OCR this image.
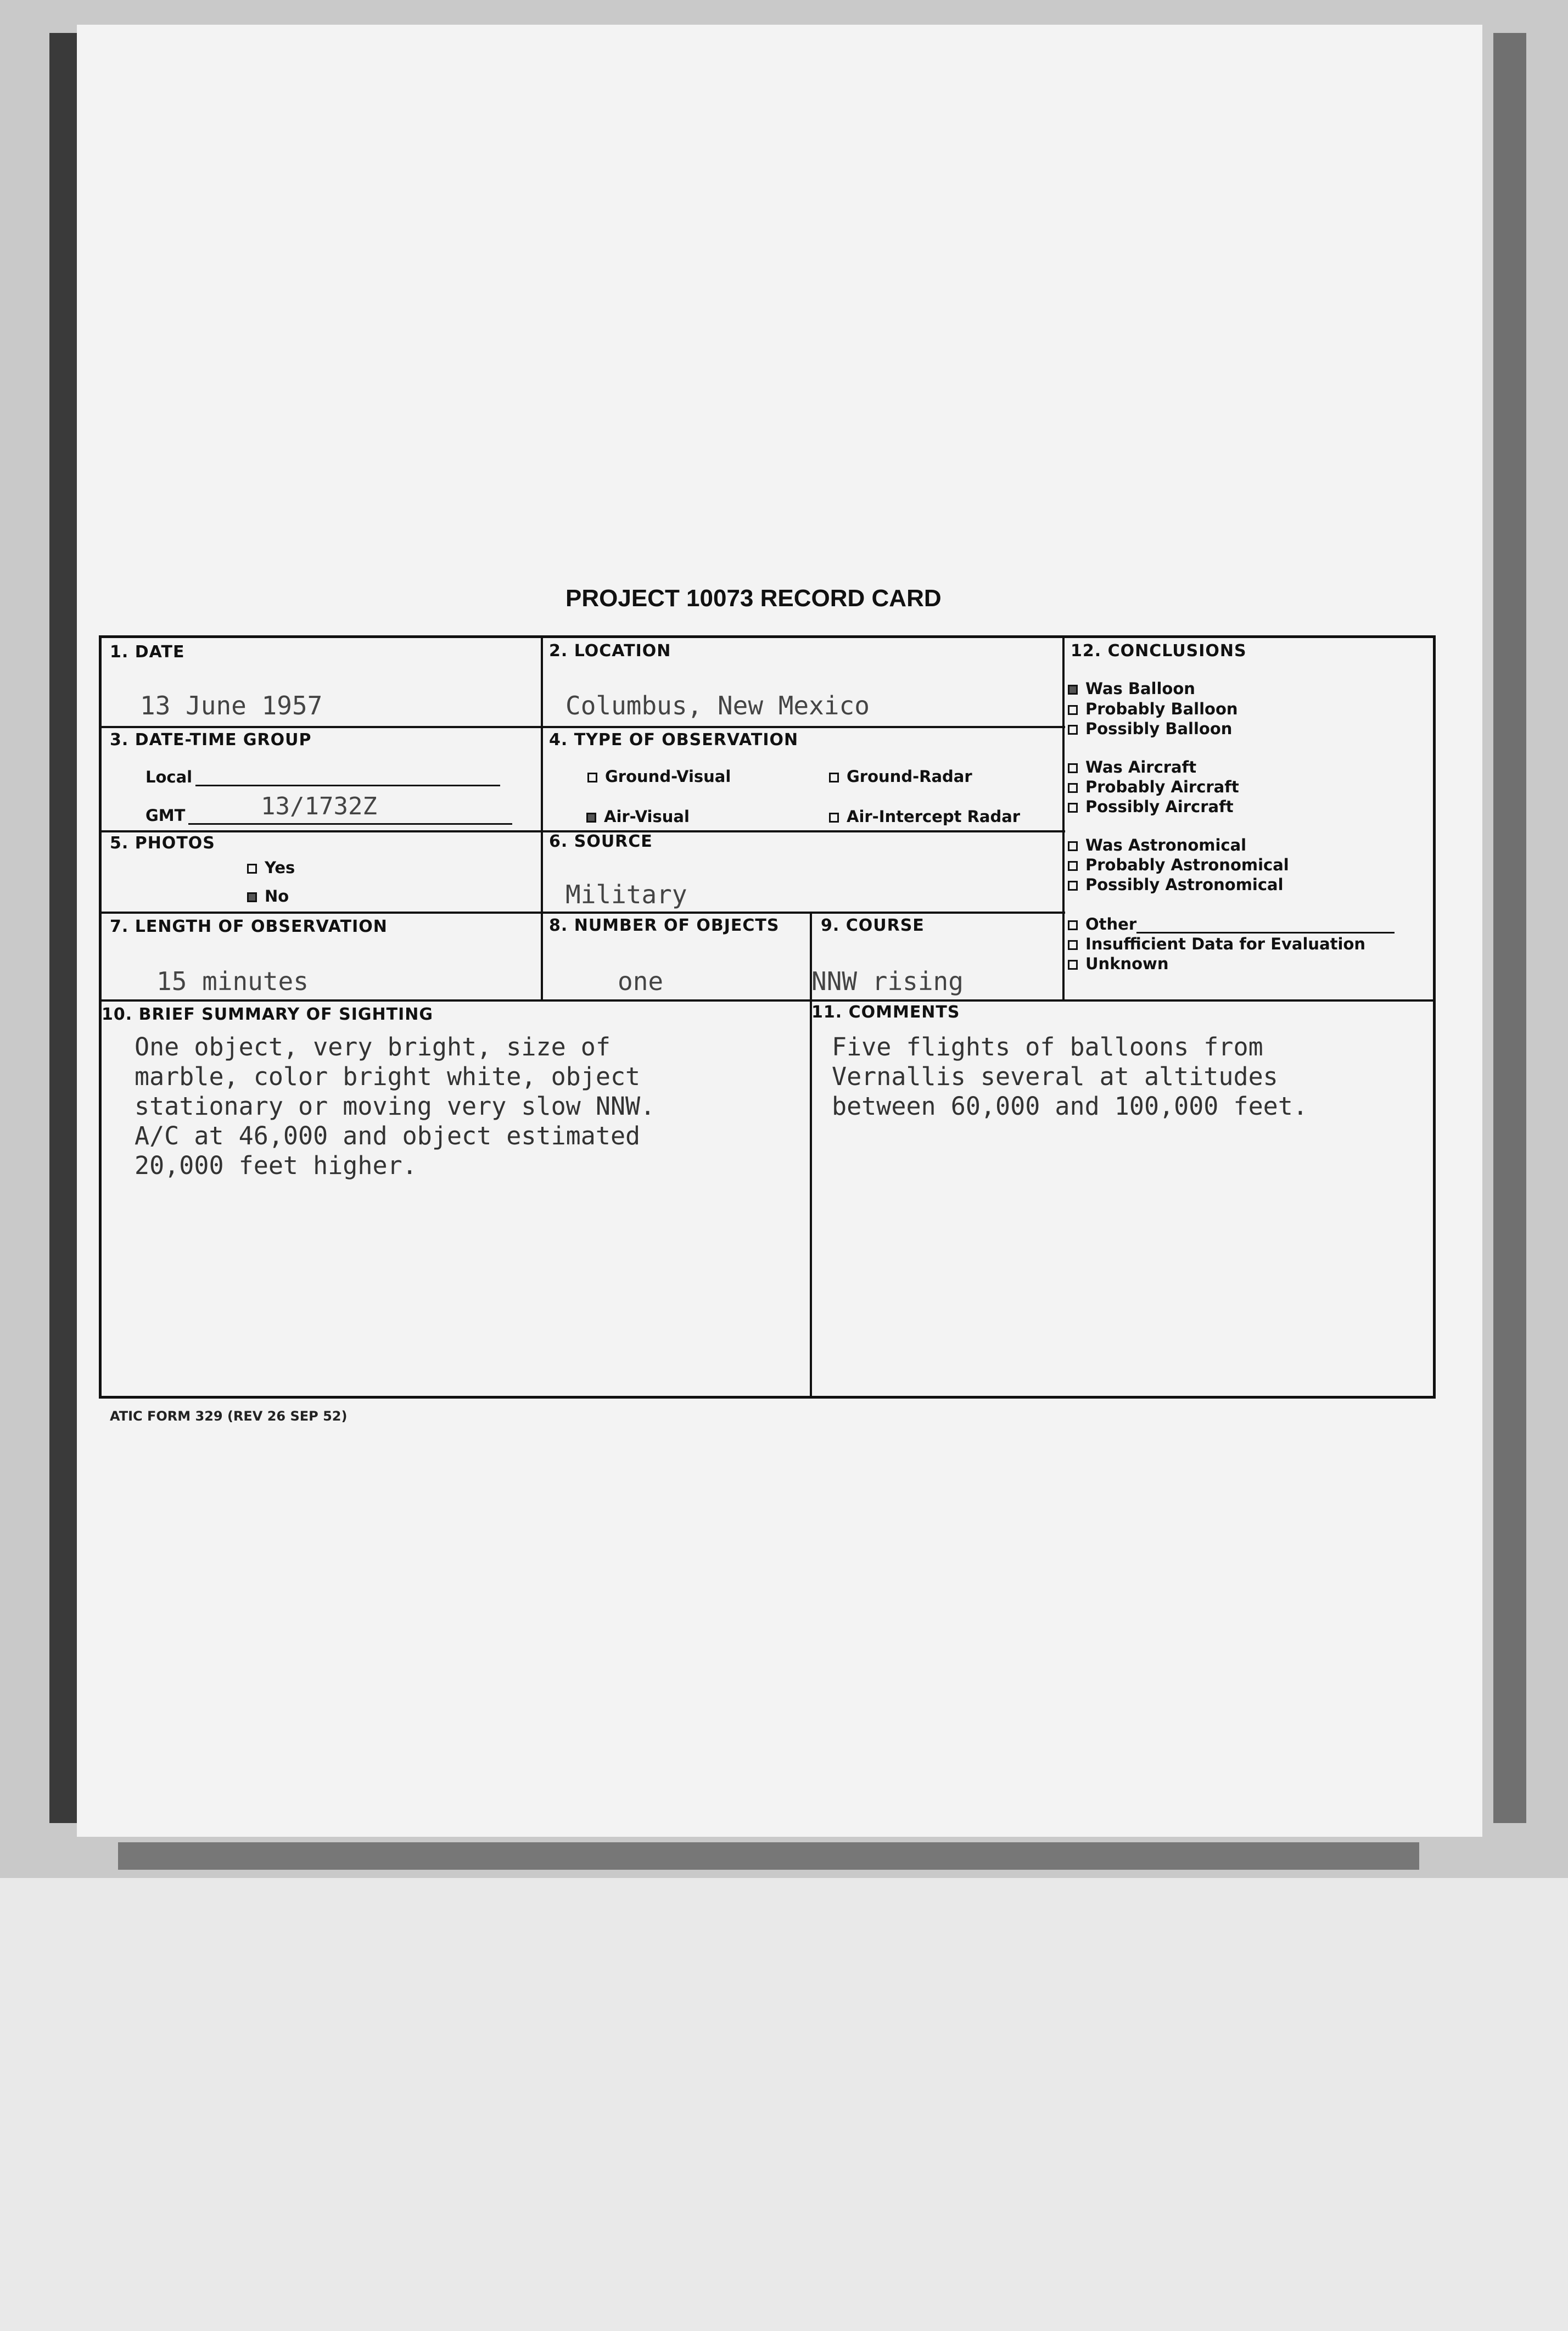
PROJECT 10073 RECORD CARD
1. DATE
13 June 1957
2. LOCATION
Columbus, New Mexico
3. DATE-TIME GROUP
Local
GMT	13/1732Z
4. TYPE OF OBSERVATION
Ground-Visual	Ground-Radar
Air-Visual	Air-Intercept Radar
5. PHOTOS
Yes
No
6. SOURCE
Military
7. LENGTH OF OBSERVATION
15 minutes
8. NUMBER OF OBJECTS
one
9. COURSE
NNW rising
10. BRIEF SUMMARY OF SIGHTING
One object, very bright, size of
marble, color bright white, object
stationary or moving very slow NNW.
A/C at 46,000 and object estimated
20,000 feet higher.
11. COMMENTS
Five flights of balloons from
Vernallis several at altitudes
between 60,000 and 100,000 feet.
12. CONCLUSIONS
Was Balloon
Probably Balloon
Possibly Balloon
Was Aircraft
Probably Aircraft
Possibly Aircraft
Was Astronomical
Probably Astronomical
Possibly Astronomical
Other
Insufficient Data for Evaluation
Unknown
ATIC FORM 329 (REV 26 SEP 52)
